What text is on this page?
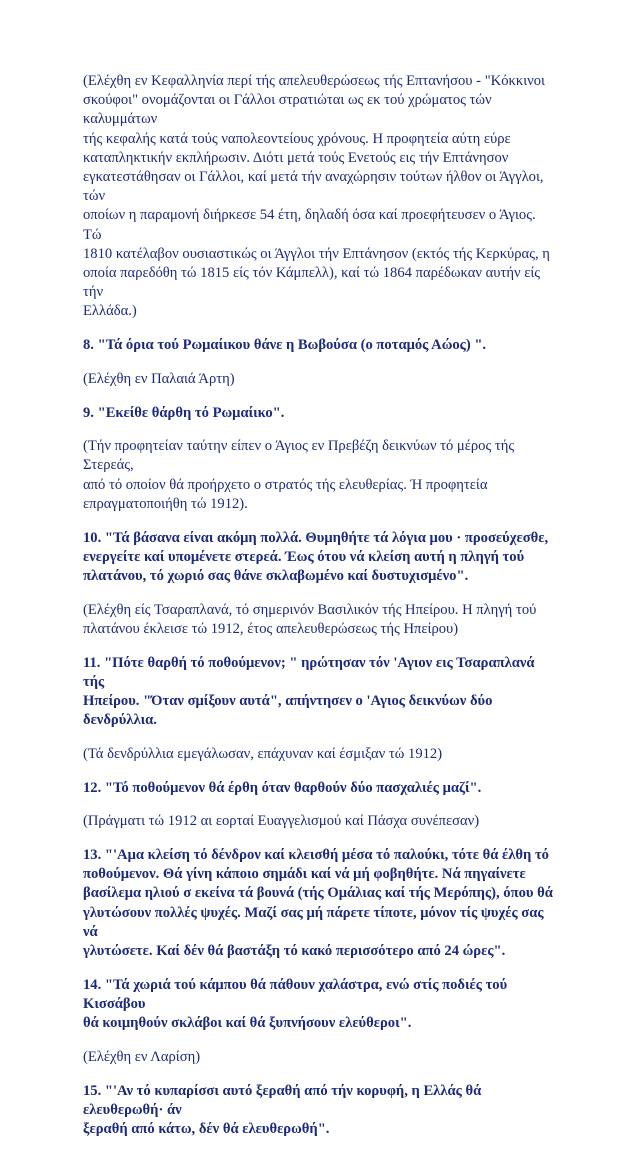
(Ελέχθη εν Κεφαλληνία περί τής απελευθερώσεως τής Επτανήσου - "Κόκκινοι
σκούφοι" ονομάζονται οι Γάλλοι στρατιώται ως εκ τού χρώματος τών καλυμμάτων
τής κεφαλής κατά τούς ναπολεοντείους χρόνους. Η προφητεία αύτη εύρε
καταπληκτικήν εκπλήρωσιν. Διότι μετά τούς Ενετούς εις τήν Επτάνησον
εγκατεστάθησαν οι Γάλλοι, καί μετά τήν αναχώρησιν τούτων ήλθον οι Άγγλοι, τών
οποίων η παραμονή διήρκεσε 54 έτη, δηλαδή όσα καί προεφήτευσεν ο Άγιος. Τώ
1810 κατέλαβον ουσιαστικώς οι Άγγλοι τήν Επτάνησον (εκτός τής Κερκύρας, η
οποία παρεδόθη τώ 1815 είς τόν Κάμπελλ), καί τώ 1864 παρέδωκαν αυτήν είς τήν
Ελλάδα.)

8. "Τά όρια τού Ρωμαίικου θάνε η Βωβούσα (ο ποταμός Αώος) ".

(Ελέχθη εν Παλαιά Άρτη)

9. "Εκείθε θάρθη τό Ρωμαίικο".

(Τήν προφητείαν ταύτην είπεν ο Άγιος εν Πρεβέζη δεικνύων τό μέρος τής Στερεάς,
από τό οποίον θά προήρχετο ο στρατός τής ελευθερίας. Ή προφητεία
επραγματοποιήθη τώ 1912).

10. "Τά βάσανα είναι ακόμη πολλά. Θυμηθήτε τά λόγια μου · προσεύχεσθε,
ενεργείτε καί υπομένετε στερεά. Έως ότου νά κλείση αυτή η πληγή τού
πλατάνου, τό χωριό σας θάνε σκλαβωμένο καί δυστυχισμένο".

(Ελέχθη είς Τσαραπλανά, τό σημερινόν Βασιλικόν τής Ηπείρου. Η πληγή τού
πλατάνου έκλεισε τώ 1912, έτος απελευθερώσεως τής Ηπείρου)

11. "Πότε θαρθή τό ποθούμενον; " ηρώτησαν τόν 'Αγιον εις Τσαραπλανά τής
Ηπείρου. "Όταν σμίξουν αυτά", απήντησεν ο 'Αγιος δεικνύων δύο δενδρύλλια.

(Τά δενδρύλλια εμεγάλωσαν, επάχυναν καί έσμιξαν τώ 1912)

12. "Τό ποθούμενον θά έρθη όταν θαρθούν δύο πασχαλιές μαζί".

(Πράγματι τώ 1912 αι εορταί Ευαγγελισμού καί Πάσχα συνέπεσαν)

13. "'Αμα κλείση τό δένδρον καί κλεισθή μέσα τό παλούκι, τότε θά έλθη τό
ποθούμενον. Θά γίνη κάποιο σημάδι καί νά μή φοβηθήτε. Νά πηγαίνετε
βασίλεμα ηλιού σ εκείνα τά βουνά (τής Ομάλιας καί τής Μερόπης), όπου θά
γλυτώσουν πολλές ψυχές. Μαζί σας μή πάρετε τίποτε, μόνον τίς ψυχές σας νά
γλυτώσετε. Καί δέν θά βαστάξη τό κακό περισσότερο από 24 ώρες".

14. "Τά χωριά τού κάμπου θά πάθουν χαλάστρα, ενώ στίς ποδιές τού Κισσάβου
θά κοιμηθούν σκλάβοι καί θά ξυπνήσουν ελεύθεροι".

(Ελέχθη εν Λαρίση)

15. "'Αν τό κυπαρίσσι αυτό ξεραθή από τήν κορυφή, η Ελλάς θά ελευθερωθή· άν
ξεραθή από κάτω, δέν θά ελευθερωθή".
